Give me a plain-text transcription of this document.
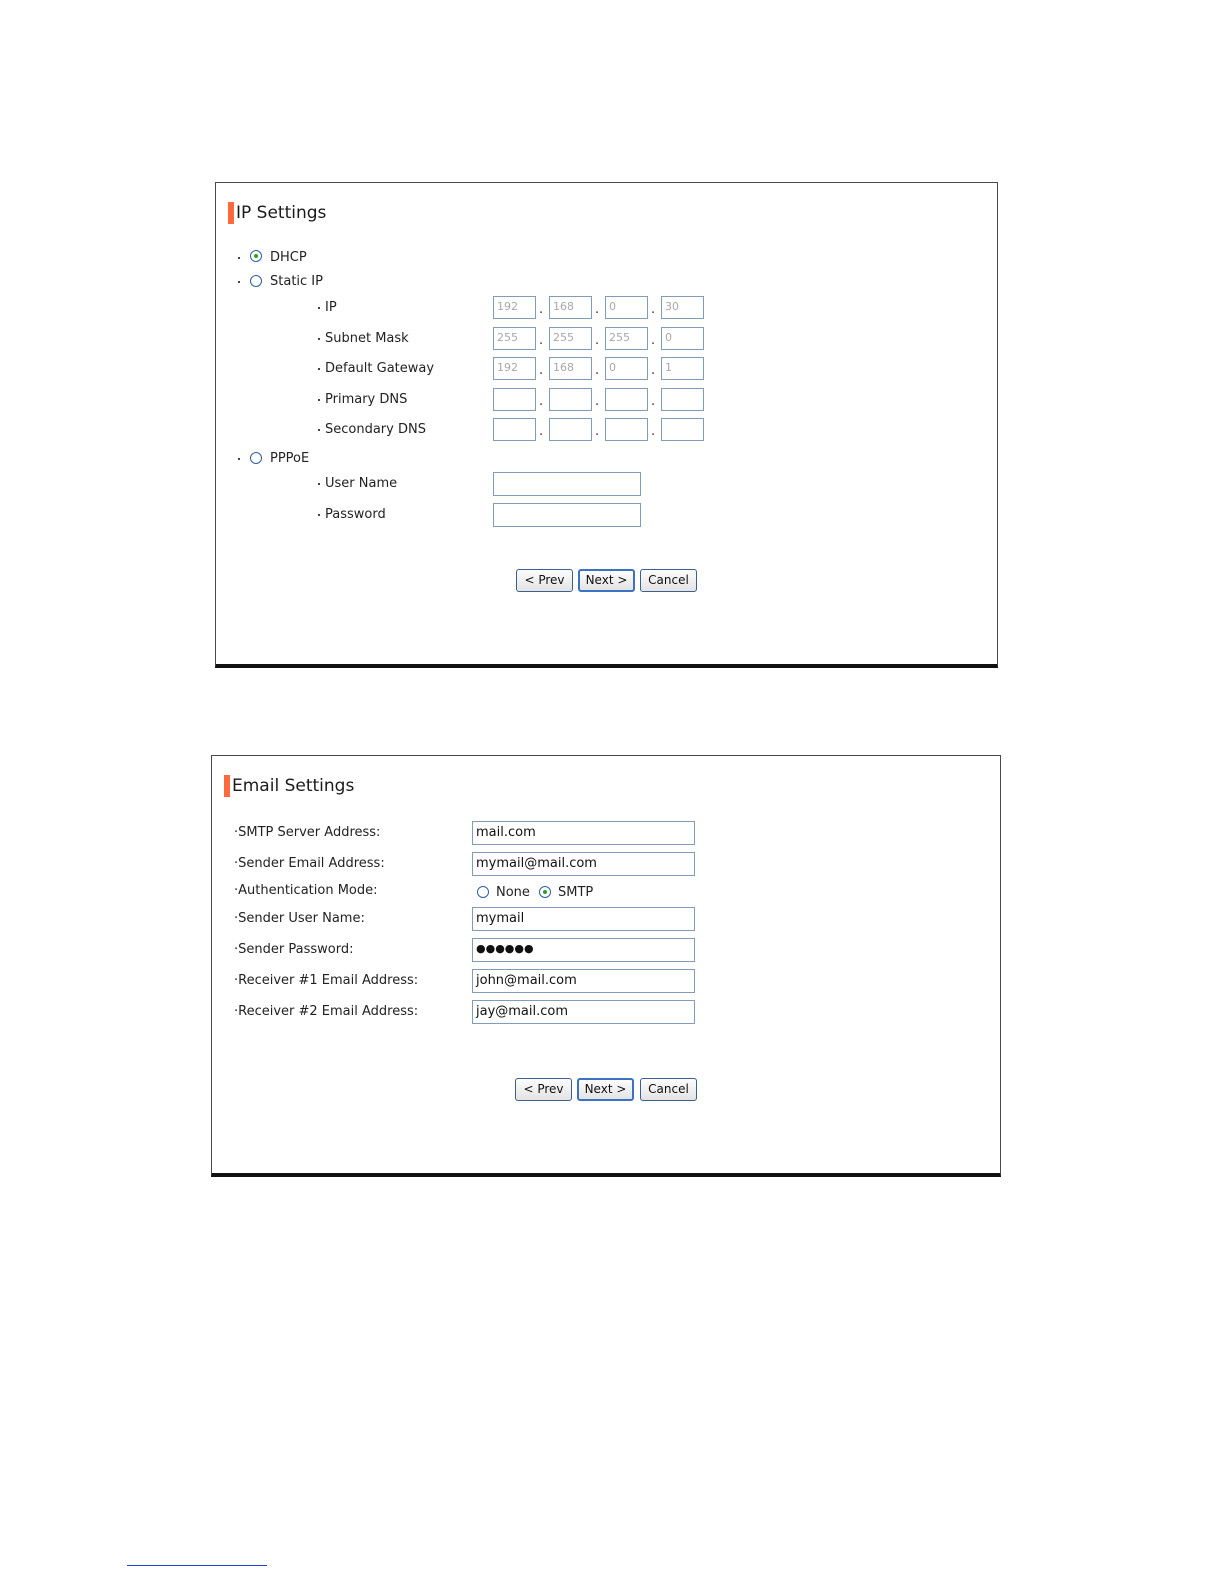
IP Settings
DHCP
Static IP
PPPoE
User Name
Password
< Prev	Next >	Cancel
IP	192	. 168	. 0	. 30
Subnet Mask	255	. 255	. 255	. 0
Default Gateway	192	. 168	. 0	. 1
Primary DNS	.	.	.
Secondary DNS	.	.	.
Email Settings
·SMTP Server Address:	mail.com
·Sender Email Address:	mymail@mail.com
·Authentication Mode:	None SMTP
·Sender User Name:	mymail
·Sender Password:	●●●●●●
·Receiver #1 Email Address:	john@mail.com
·Receiver #2 Email Address:	jay@mail.com
< Prev	Next >	Cancel
